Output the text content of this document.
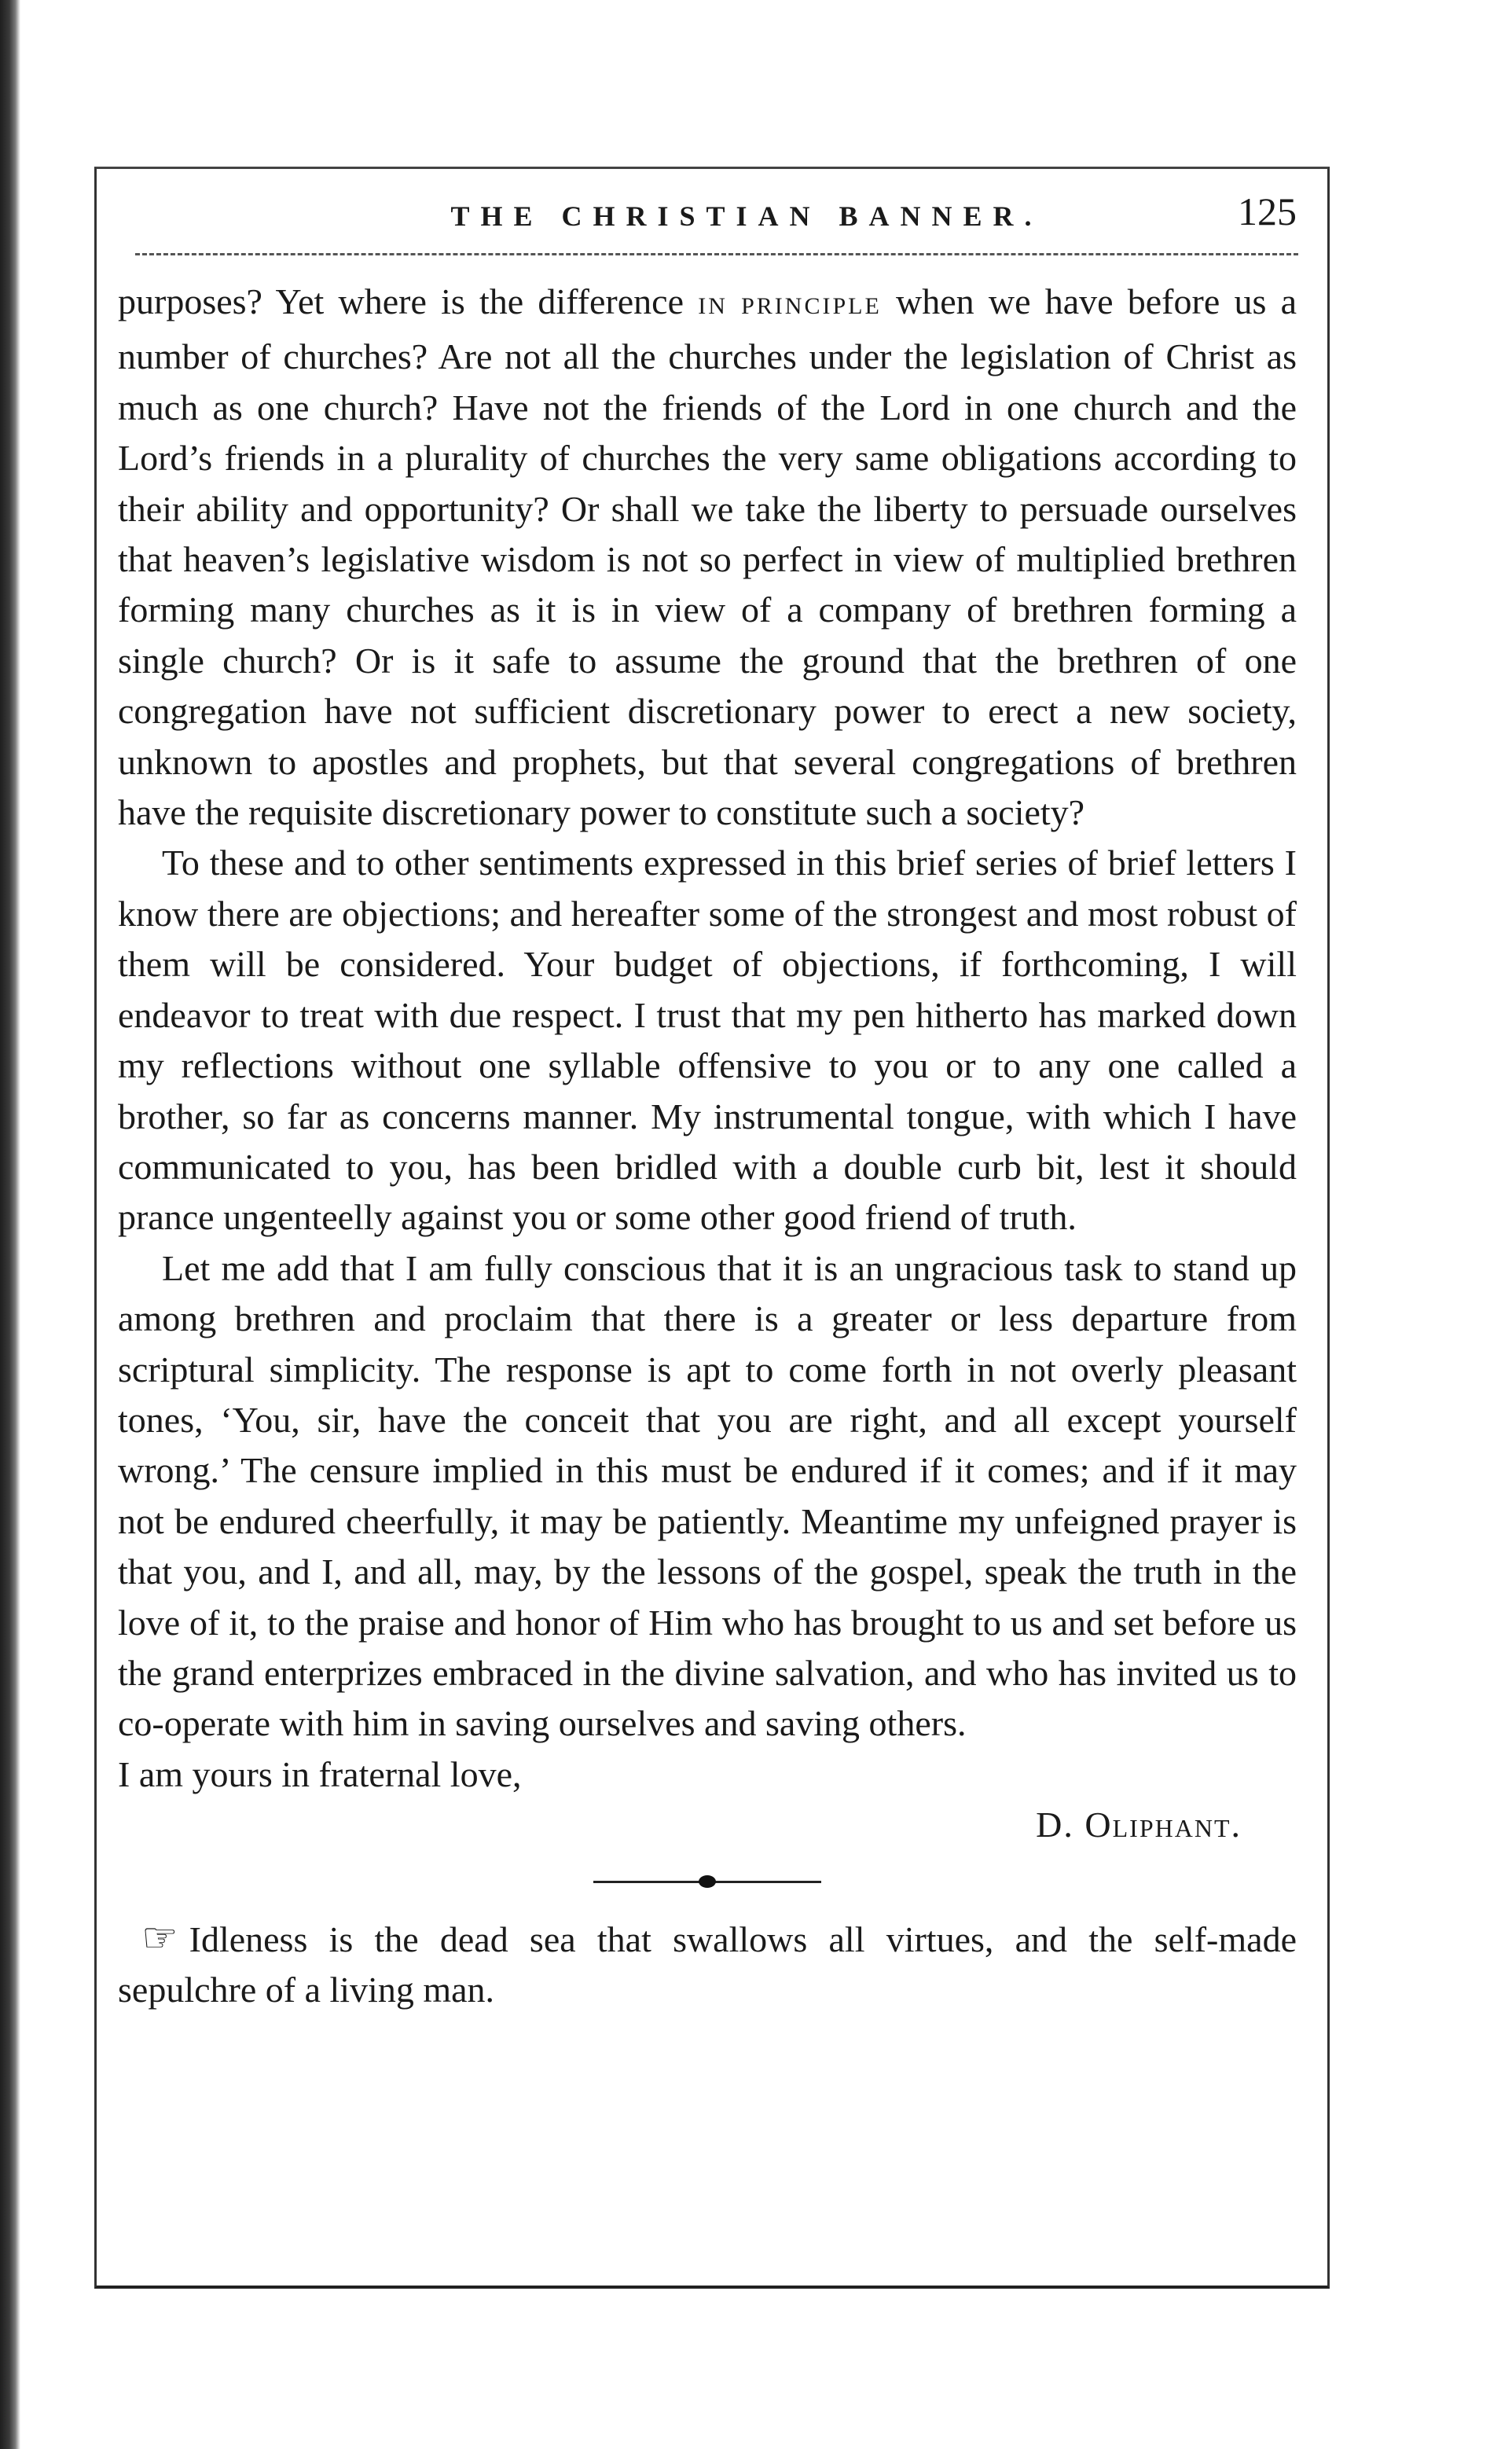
THE CHRISTIAN BANNER.	125

purposes? Yet where is the difference IN PRINCIPLE when we have before us a number of churches? Are not all the churches under the legislation of Christ as much as one church? Have not the friends of the Lord in one church and the Lord’s friends in a plurality of churches the very same obligations according to their ability and opportunity? Or shall we take the liberty to persuade ourselves that heaven’s legislative wisdom is not so perfect in view of multiplied brethren forming many churches as it is in view of a company of brethren forming a single church? Or is it safe to assume the ground that the brethren of one congregation have not sufficient discretionary power to erect a new society, unknown to apostles and prophets, but that several congregations of brethren have the requisite discretionary power to constitute such a society?

To these and to other sentiments expressed in this brief series of brief letters I know there are objections; and hereafter some of the strongest and most robust of them will be considered. Your budget of objections, if forthcoming, I will endeavor to treat with due respect. I trust that my pen hitherto has marked down my reflections without one syllable offensive to you or to any one called a brother, so far as concerns manner. My instrumental tongue, with which I have communicated to you, has been bridled with a double curb bit, lest it should prance ungenteelly against you or some other good friend of truth.

Let me add that I am fully conscious that it is an ungracious task to stand up among brethren and proclaim that there is a greater or less departure from scriptural simplicity. The response is apt to come forth in not overly pleasant tones, ‘You, sir, have the conceit that you are right, and all except yourself wrong.’ The censure implied in this must be endured if it comes; and if it may not be endured cheerfully, it may be patiently. Meantime my unfeigned prayer is that you, and I, and all, may, by the lessons of the gospel, speak the truth in the love of it, to the praise and honor of Him who has brought to us and set before us the grand enterprizes embraced in the divine salvation, and who has invited us to co-operate with him in saving ourselves and saving others.

I am yours in fraternal love,

D. Oliphant.

☞ Idleness is the dead sea that swallows all virtues, and the self-made sepulchre of a living man.
